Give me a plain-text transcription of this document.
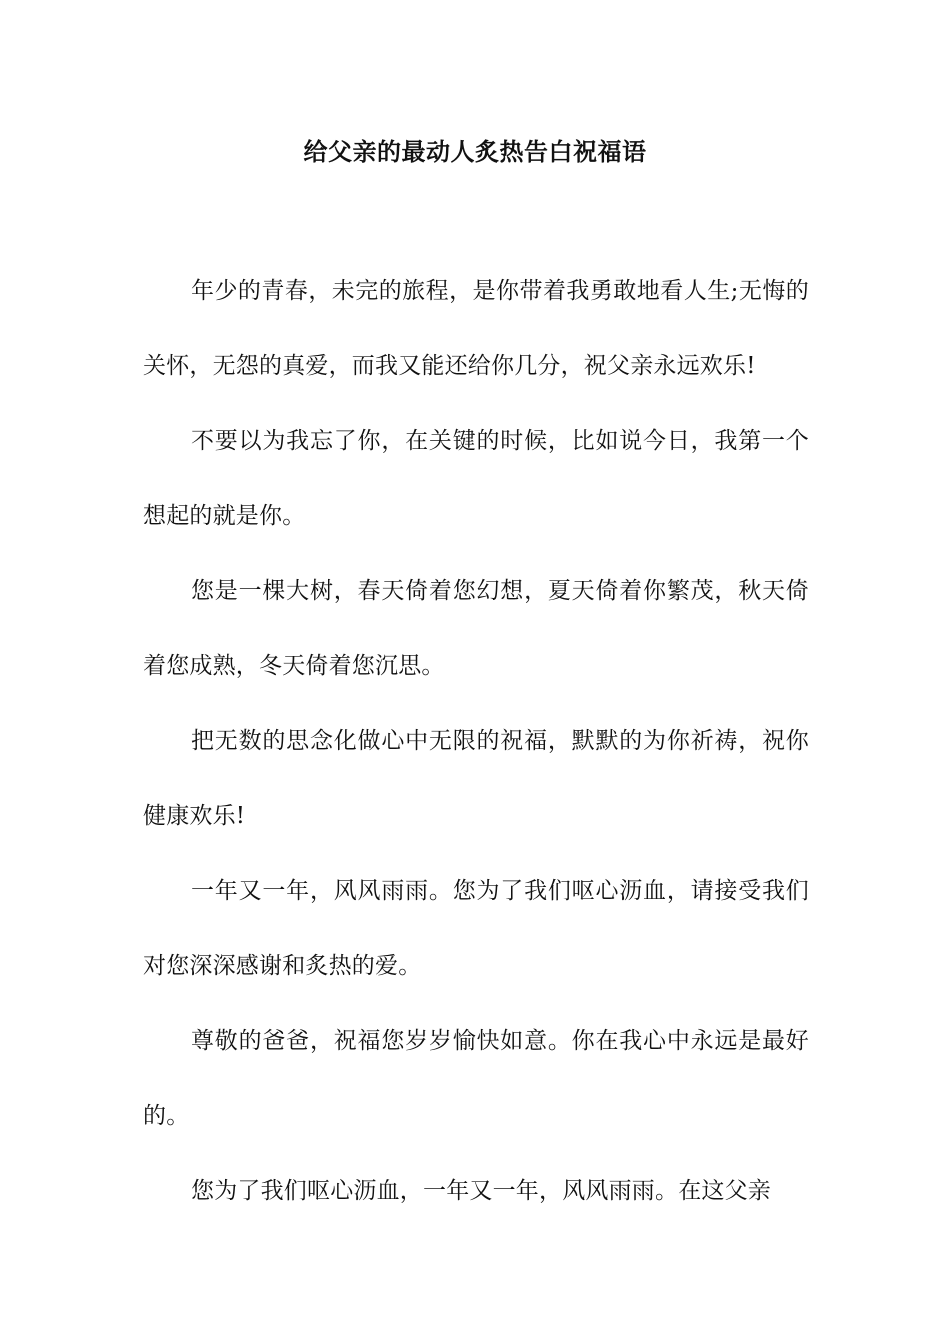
给父亲的最动人炙热告白祝福语

年少的青春，未完的旅程，是你带着我勇敢地看人生;无悔的关怀，无怨的真爱，而我又能还给你几分，祝父亲永远欢乐!

不要以为我忘了你，在关键的时候，比如说今日，我第一个想起的就是你。

您是一棵大树，春天倚着您幻想，夏天倚着你繁茂，秋天倚着您成熟，冬天倚着您沉思。

把无数的思念化做心中无限的祝福，默默的为你祈祷，祝你健康欢乐!

一年又一年，风风雨雨。您为了我们呕心沥血，请接受我们对您深深感谢和炙热的爱。

尊敬的爸爸，祝福您岁岁愉快如意。你在我心中永远是最好的。

您为了我们呕心沥血，一年又一年，风风雨雨。在这父亲
